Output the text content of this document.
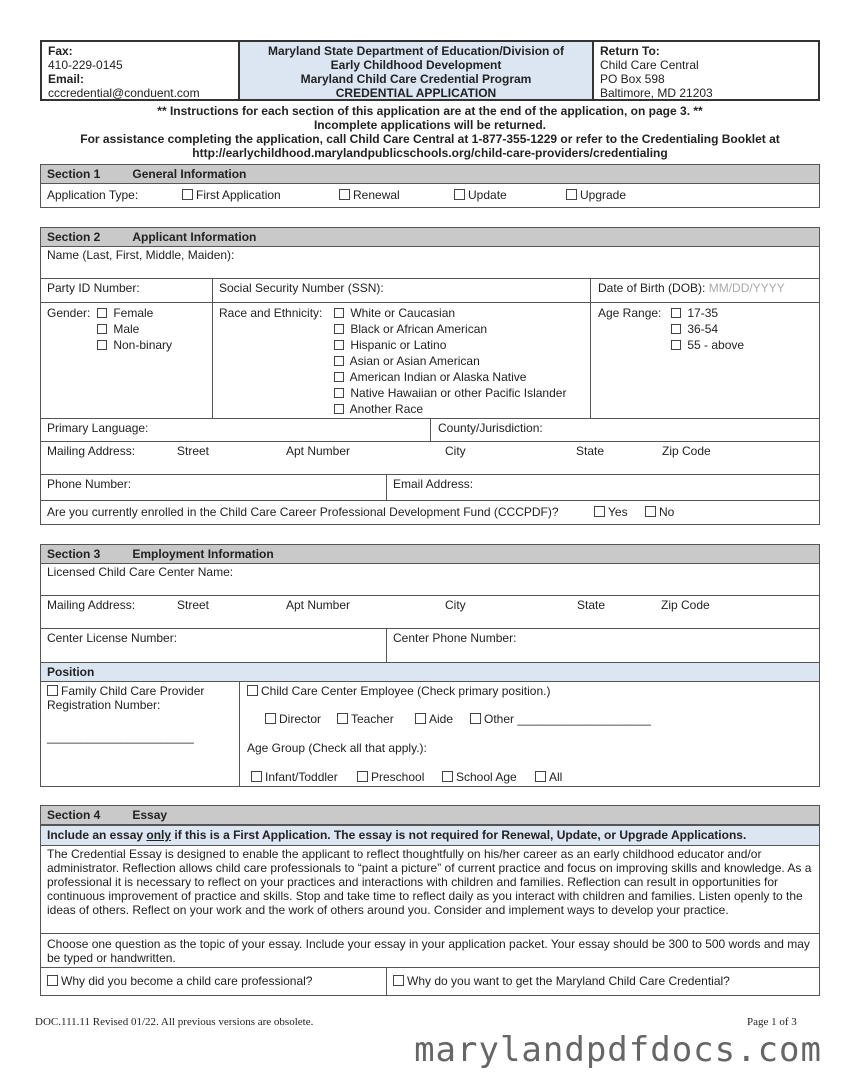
Fax:
410-229-0145
Email:
cccredential@conduent.com
Maryland State Department of Education/Division of
Early Childhood Development
Maryland Child Care Credential Program
CREDENTIAL APPLICATION
Return To:
Child Care Central
PO Box 598
Baltimore, MD 21203
** Instructions for each section of this application are at the end of the application, on page 3. **
Incomplete applications will be returned.
For assistance completing the application, call Child Care Central at 1-877-355-1229 or refer to the Credentialing Booklet at
http://earlychildhood.marylandpublicschools.org/child-care-providers/credentialing
Section 1	General Information
Application Type:	First Application	Renewal	Update	Upgrade
Section 2	Applicant Information
Name (Last, First, Middle, Maiden):
Party ID Number:	Social Security Number (SSN):	Date of Birth (DOB): MM/DD/YYYY
Gender:	Female
Male
Non-binary
Race and Ethnicity:	White or Caucasian
Black or African American
Hispanic or Latino
Asian or Asian American
American Indian or Alaska Native
Native Hawaiian or other Pacific Islander
Another Race
Age Range:	17-35
36-54
55 - above
Primary Language:	County/Jurisdiction:
Mailing Address:	Street	Apt Number	City	State	Zip Code
Phone Number:	Email Address:
Are you currently enrolled in the Child Care Career Professional Development Fund (CCCPDF)?	Yes	No
Section 3	Employment Information
Licensed Child Care Center Name:
Mailing Address:	Street	Apt Number	City	State	Zip Code
Center License Number:	Center Phone Number:
Position
Family Child Care Provider
Registration Number:
______________________
Child Care Center Employee (Check primary position.)
Director	Teacher	Aide	Other ____________________
Age Group (Check all that apply.):
Infant/Toddler	Preschool	School Age	All
Section 4	Essay
Include an essay only if this is a First Application. The essay is not required for Renewal, Update, or Upgrade Applications.
The Credential Essay is designed to enable the applicant to reflect thoughtfully on his/her career as an early childhood educator and/or administrator. Reflection allows child care professionals to “paint a picture” of current practice and focus on improving skills and knowledge. As a professional it is necessary to reflect on your practices and interactions with children and families. Reflection can result in opportunities for continuous improvement of practice and skills. Stop and take time to reflect daily as you interact with children and families. Listen openly to the ideas of others. Reflect on your work and the work of others around you. Consider and implement ways to develop your practice.
Choose one question as the topic of your essay. Include your essay in your application packet. Your essay should be 300 to 500 words and may be typed or handwritten.
Why did you become a child care professional?	Why do you want to get the Maryland Child Care Credential?
DOC.111.11 Revised 01/22. All previous versions are obsolete.	Page 1 of 3
marylandpdfdocs.com
